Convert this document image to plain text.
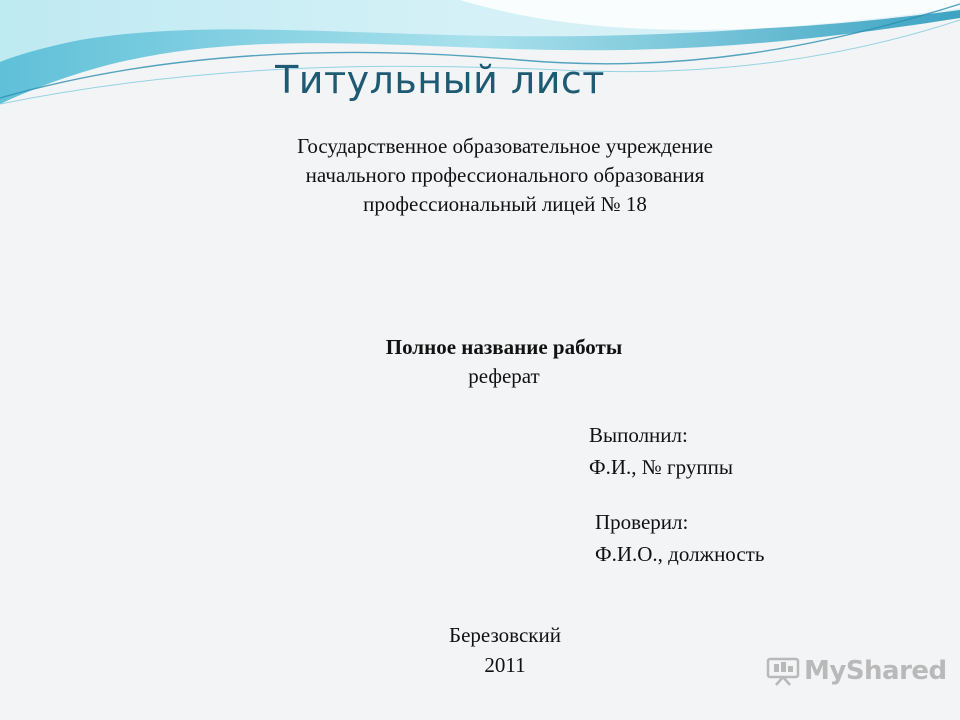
Титульный лист
Государственное образовательное учреждение
начального профессионального образования
профессиональный лицей № 18
Полное название работы
реферат
Выполнил:
Ф.И., № группы
Проверил:
Ф.И.О., должность
Березовский
2011	MyShared
